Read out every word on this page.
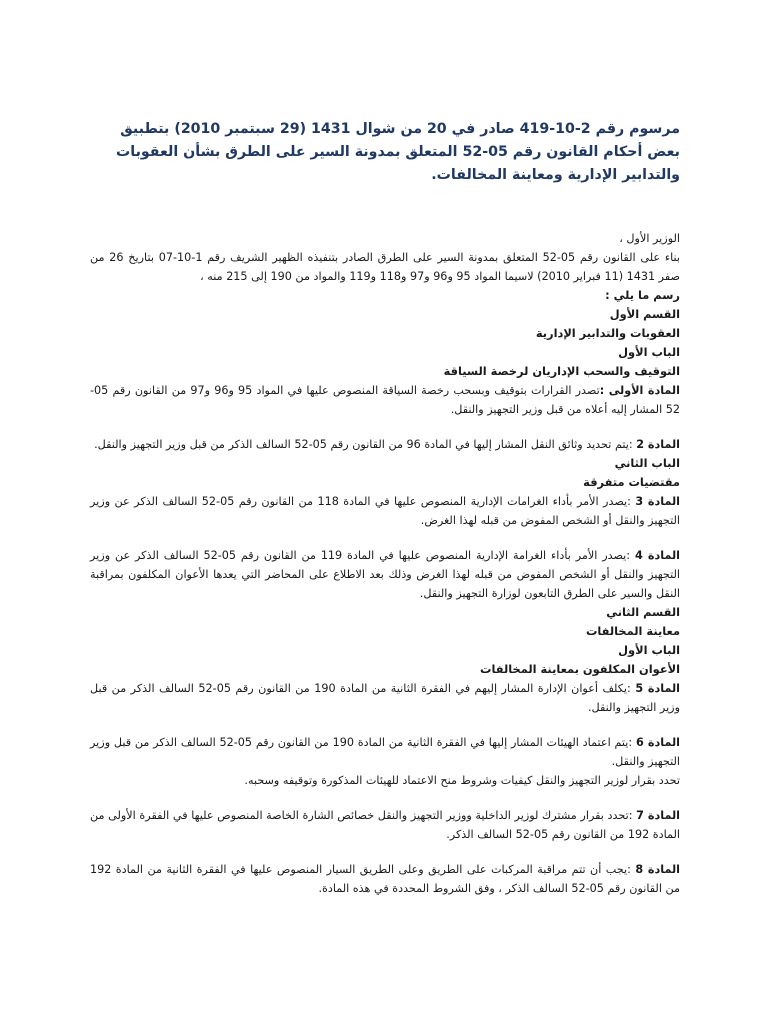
مرسوم رقم 2-10-419 صادر في 20 من شوال 1431 (29 سبتمبر 2010) بتطبيق بعض أحكام القانون رقم 05-52 المتعلق بمدونة السير على الطرق بشأن العقوبات والتدابير الإدارية ومعاينة المخالفات.

الوزير الأول ،

بناء على القانون رقم 05-52 المتعلق بمدونة السير على الطرق الصادر بتنفيذه الظهير الشريف رقم 1-10-07 بتاريخ 26 من صفر 1431 (11 فبراير 2010) لاسيما المواد 95 و96 و97 و118 و119 والمواد من 190 إلى 215 منه ،

رسم ما يلي :

القسم الأول

العقوبات والتدابير الإدارية

الباب الأول

التوقيف والسحب الإداريان لرخصة السياقة

المادة الأولى :تصدر القرارات بتوقيف وبسحب رخصة السياقة المنصوص عليها في المواد 95 و96 و97 من القانون رقم 05-52 المشار إليه أعلاه من قبل وزير التجهيز والنقل.

المادة 2 :يتم تحديد وثائق النقل المشار إليها في المادة 96 من القانون رقم 05-52 السالف الذكر من قبل وزير التجهيز والنقل.

الباب الثاني

مقتضيات متفرقة

المادة 3 :يصدر الأمر بأداء الغرامات الإدارية المنصوص عليها في المادة 118 من القانون رقم 05-52 السالف الذكر عن وزير التجهيز والنقل أو الشخص المفوض من قبله لهذا الغرض.

المادة 4 :يصدر الأمر بأداء الغرامة الإدارية المنصوص عليها في المادة 119 من القانون رقم 05-52 السالف الذكر عن وزير التجهيز والنقل أو الشخص المفوض من قبله لهذا الغرض وذلك بعد الاطلاع على المحاضر التي يعدها الأعوان المكلفون بمراقبة النقل والسير على الطرق التابعون لوزارة التجهيز والنقل.

القسم الثاني

معاينة المخالفات

الباب الأول

الأعوان المكلفون بمعاينة المخالفات

المادة 5 :يكلف أعوان الإدارة المشار إليهم في الفقرة الثانية من المادة 190 من القانون رقم 05-52 السالف الذكر من قبل وزير التجهيز والنقل.

المادة 6 :يتم اعتماد الهيئات المشار إليها في الفقرة الثانية من المادة 190 من القانون رقم 05-52 السالف الذكر من قبل وزير التجهيز والنقل.

تحدد بقرار لوزير التجهيز والنقل كيفيات وشروط منح الاعتماد للهيئات المذكورة وتوقيفه وسحبه.

المادة 7 :تحدد بقرار مشترك لوزير الداخلية ووزير التجهيز والنقل خصائص الشارة الخاصة المنصوص عليها في الفقرة الأولى من المادة 192 من القانون رقم 05-52 السالف الذكر.

المادة 8 :يجب أن تتم مراقبة المركبات على الطريق وعلى الطريق السيار المنصوص عليها في الفقرة الثانية من المادة 192 من القانون رقم 05-52 السالف الذكر ، وفق الشروط المحددة في هذه المادة.
